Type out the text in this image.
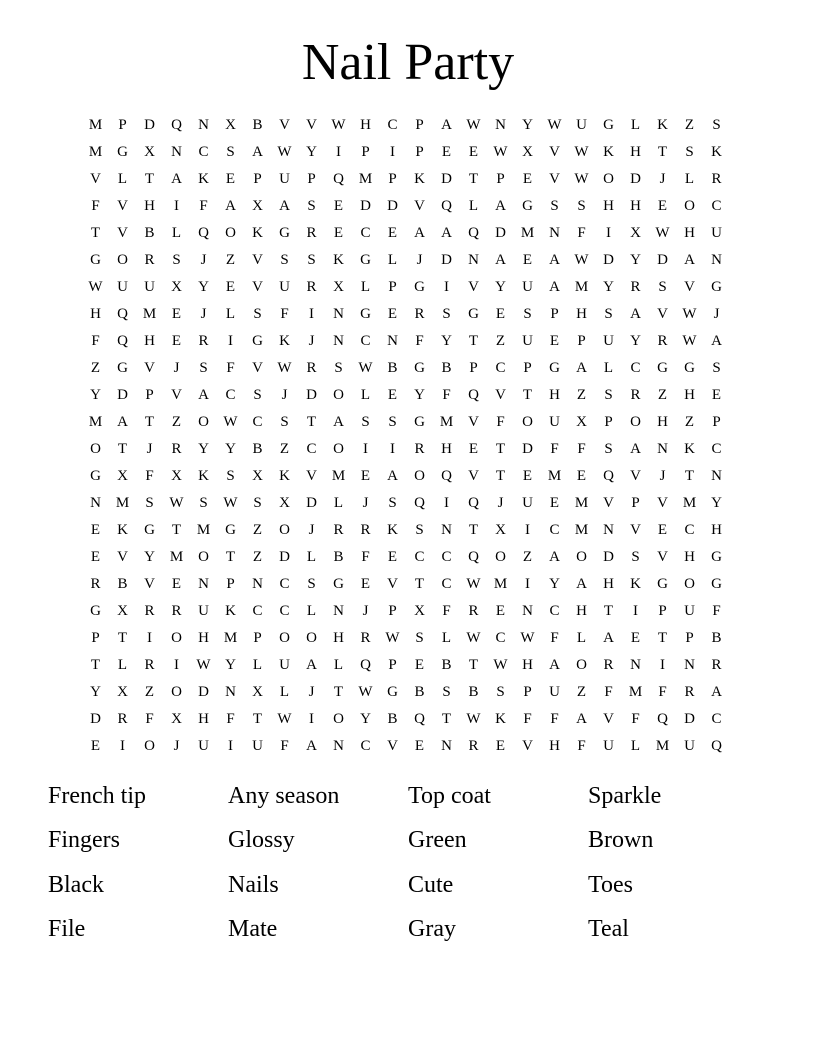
Nail Party
M	P	D	Q	N	X	B	V	V W H	C	P	A W N	Y W U	G	L	K	Z	S
M G	X	N	C	S	A W Y	I	P	I	P	E	E	W X	V W K	H	T	S	K
V	L	T	A	K	E	P	U	P	Q M	P	K	D	T	P	E	V W O	D	J	L	R
F	V	H	I	F	A	X	A	S	E	D	D	V	Q	L	A	G	S	S	H	H	E	O	C
T	V	B	L	Q	O	K	G	R	E	C	E	A	A	Q	D M N	F	I	X W H	U
G	O	R	S	J	Z	V	S	S	K	G	L	J	D	N	A	E	A W D	Y	D	A	N
W U	U	X	Y	E	V	U	R	X	L	P	G	I	V	Y	U	A M Y	R	S	V	G
H	Q M	E	J	L	S	F	I	N	G	E	R	S	G	E	S	P	H	S	A	V W	J
F	Q	H	E	R	I	G	K	J	N	C	N	F	Y	T	Z	U	E	P	U	Y	R W A
Z	G	V	J	S	F	V W R	S	W B	G	B	P	C	P	G	A	L	C	G	G	S
Y	D	P	V	A	C	S	J	D	O	L	E	Y	F	Q	V	T	H	Z	S	R	Z	H	E
M A	T	Z	O W C	S	T	A	S	S	G M V	F	O	U	X	P	O	H	Z	P
O	T	J	R	Y	Y	B	Z	C	O	I	I	R	H	E	T	D	F	F	S	A	N	K	C
G	X	F	X	K	S	X	K	V M	E	A	O	Q	V	T	E	M	E	Q	V	J	T	N
N M	S	W	S	W	S	X	D	L	J	S	Q	I	Q	J	U	E	M V	P	V M Y
E	K	G	T	M G	Z	O	J	R	R	K	S	N	T	X	I	C	M N	V	E	C	H
E	V	Y M O	T	Z	D	L	B	F	E	C	C	Q	O	Z	A	O	D	S	V	H	G
R	B	V	E	N	P	N	C	S	G	E	V	T	C W M	I	Y	A	H	K	G	O	G
G	X	R	R	U	K	C	C	L	N	J	P	X	F	R	E	N	C	H	T	I	P	U	F
P	T	I	O	H M	P	O	O	H	R W	S	L	W C W	F	L	A	E	T	P	B
T	L	R	I	W Y	L	U	A	L	Q	P	E	B	T	W H	A	O	R	N	I	N	R
Y	X	Z	O	D	N	X	L	J	T	W G	B	S	B	S	P	U	Z	F	M	F	R	A
D	R	F	X	H	F	T	W	I	O	Y	B	Q	T	W K	F	F	A	V	F	Q	D	C
E	I	O	J	U	I	U	F	A	N	C	V	E	N	R	E	V	H	F	U	L	M U	Q
French tip	Any season	Top coat	Sparkle
Fingers	Glossy	Green	Brown
Black	Nails	Cute	Toes
File	Mate	Gray	Teal
